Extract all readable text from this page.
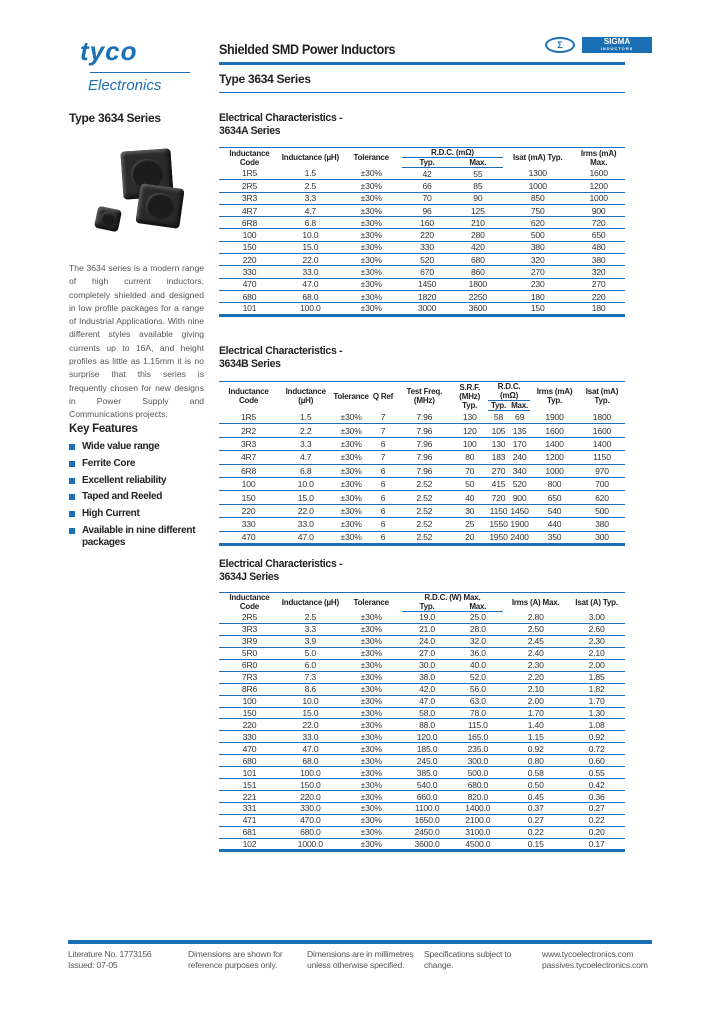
tyco
Electronics
Shielded SMD Power Inductors
Type 3634 Series
Σ	SIGMA
INDUCTORS
Type 3634 Series
The 3634 series is a modern range of high current inductors, completely shielded and designed in low profile packages for a range of Industrial Applications. With nine different styles available giving currents up to 16A, and height profiles as little as 1.15mm it is no surprise that this series is frequently chosen for new designs in Power Supply and Communications projects.
Key Features
Wide value range
Ferrite Core
Excellent reliability
Taped and Reeled
High Current
Available in nine different packages
Electrical Characteristics -
3634A Series
Inductance Code	Inductance (µH)	Tolerance	R.D.C. (mΩ)		Isat (mA) Typ.	Irms (mA) Max.
			Typ.	Max.		
1R5	1.5	±30%	42	55	1300	1600
2R5	2.5	±30%	66	85	1000	1200
3R3	3.3	±30%	70	90	850	1000
4R7	4.7	±30%	96	125	750	900
6R8	6.8	±30%	160	210	620	720
100	10.0	±30%	220	280	500	650
150	15.0	±30%	330	420	380	480
220	22.0	±30%	520	680	320	380
330	33.0	±30%	670	860	270	320
470	47.0	±30%	1450	1800	230	270
680	68.0	±30%	1820	2250	180	220
101	100.0	±30%	3000	3600	150	180
Electrical Characteristics -
3634B Series
Inductance Code	Inductance (µH)	Tolerance	Q Ref	Test Freq. (MHz)	S.R.F. (MHz) Typ.	R.D.C. (mΩ)		Irms (mA) Typ.	Isat (mA) Typ.
						Typ.	Max.		
1R5	1.5	±30%	7	7.96	130	58	69	1900	1800
2R2	2.2	±30%	7	7.96	120	105	135	1600	1600
3R3	3.3	±30%	6	7.96	100	130	170	1400	1400
4R7	4.7	±30%	7	7.96	80	183	240	1200	1150
6R8	6.8	±30%	6	7.96	70	270	340	1000	970
100	10.0	±30%	6	2.52	50	415	520	800	700
150	15.0	±30%	6	2.52	40	720	900	650	620
220	22.0	±30%	6	2.52	30	1150	1450	540	500
330	33.0	±30%	6	2.52	25	1550	1900	440	380
470	47.0	±30%	6	2.52	20	1950	2400	350	300
Electrical Characteristics -
3634J Series
Inductance Code	Inductance (µH)	Tolerance	R.D.C. (W) Max.		Irms (A) Max.	Isat (A) Typ.
			Typ.	Max.		
2R5	2.5	±30%	19.0	25.0	2.80	3.00
3R3	3.3	±30%	21.0	28.0	2.50	2.60
3R9	3.9	±30%	24.0	32.0	2.45	2.30
5R0	5.0	±30%	27.0	36.0	2.40	2.10
6R0	6.0	±30%	30.0	40.0	2.30	2.00
7R3	7.3	±30%	38.0	52.0	2.20	1.85
8R6	8.6	±30%	42.0	56.0	2.10	1.82
100	10.0	±30%	47.0	63.0	2.00	1.70
150	15.0	±30%	58.0	78.0	1.70	1.30
220	22.0	±30%	88.0	115.0	1.40	1.08
330	33.0	±30%	120.0	165.0	1.15	0.92
470	47.0	±30%	185.0	235.0	0.92	0.72
680	68.0	±30%	245.0	300.0	0.80	0.60
101	100.0	±30%	385.0	500.0	0.58	0.55
151	150.0	±30%	540.0	680.0	0.50	0.42
221	220.0	±30%	660.0	820.0	0.45	0.36
331	330.0	±30%	1100.0	1400.0	0.37	0.27
471	470.0	±30%	1650.0	2100.0	0.27	0.22
681	680.0	±30%	2450.0	3100.0	0.22	0.20
102	1000.0	±30%	3600.0	4500.0	0.15	0.17
Literature No. 1773156
Issued: 07-05
Dimensions are shown for reference purposes only.
Dimensions are in millimetres unless otherwise specified.
Specifications subject to change.
www.tycoelectronics.com
passives.tycoelectronics.com
